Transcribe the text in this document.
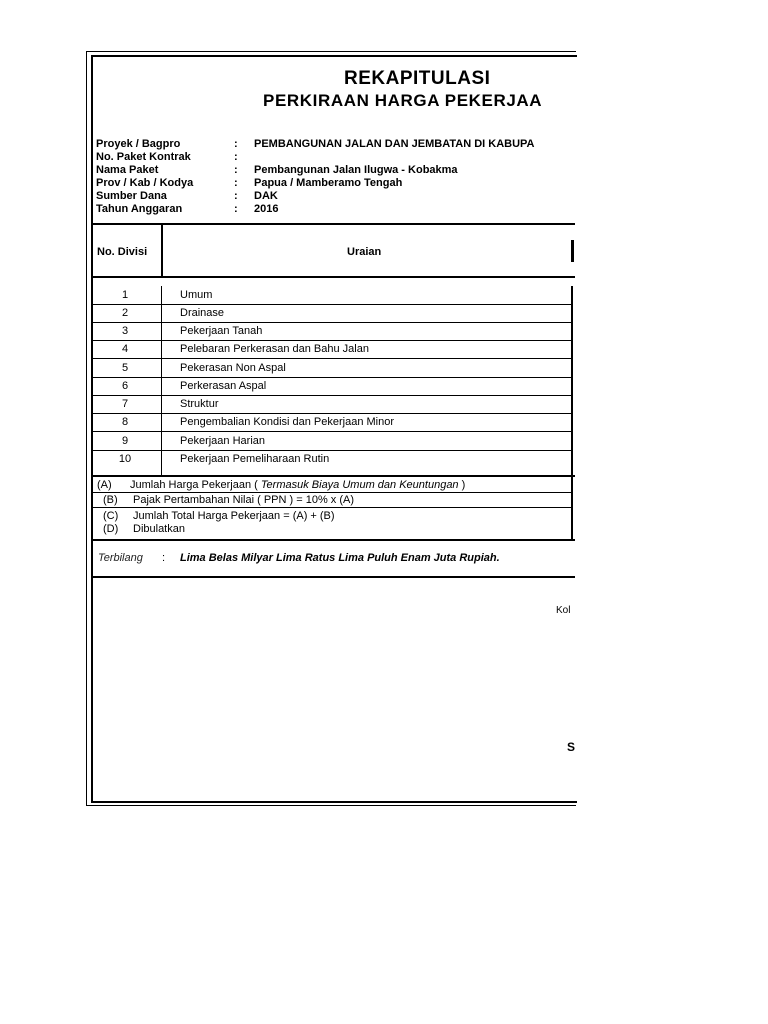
REKAPITULASI
PERKIRAAN HARGA PEKERJAA
Proyek / Bagpro	: PEMBANGUNAN JALAN DAN JEMBATAN DI KABUPA
No. Paket Kontrak	:
Nama Paket	: Pembangunan Jalan Ilugwa - Kobakma
Prov / Kab / Kodya	: Papua / Mamberamo Tengah
Sumber Dana	: DAK
Tahun Anggaran	: 2016
No. Divisi	Uraian
1	Umum
2	Drainase
3	Pekerjaan Tanah
4	Pelebaran Perkerasan dan Bahu Jalan
5	Pekerasan Non Aspal
6	Perkerasan Aspal
7	Struktur
8	Pengembalian Kondisi dan Pekerjaan Minor
9	Pekerjaan Harian
10	Pekerjaan Pemeliharaan Rutin
(A) Jumlah Harga Pekerjaan ( Termasuk Biaya Umum dan Keuntungan )
(B) Pajak Pertambahan Nilai ( PPN ) = 10% x (A)
(C) Jumlah Total Harga Pekerjaan = (A) + (B)
(D) Dibulatkan
Terbilang : Lima Belas Milyar Lima Ratus Lima Puluh Enam Juta Rupiah.
Kol
S
